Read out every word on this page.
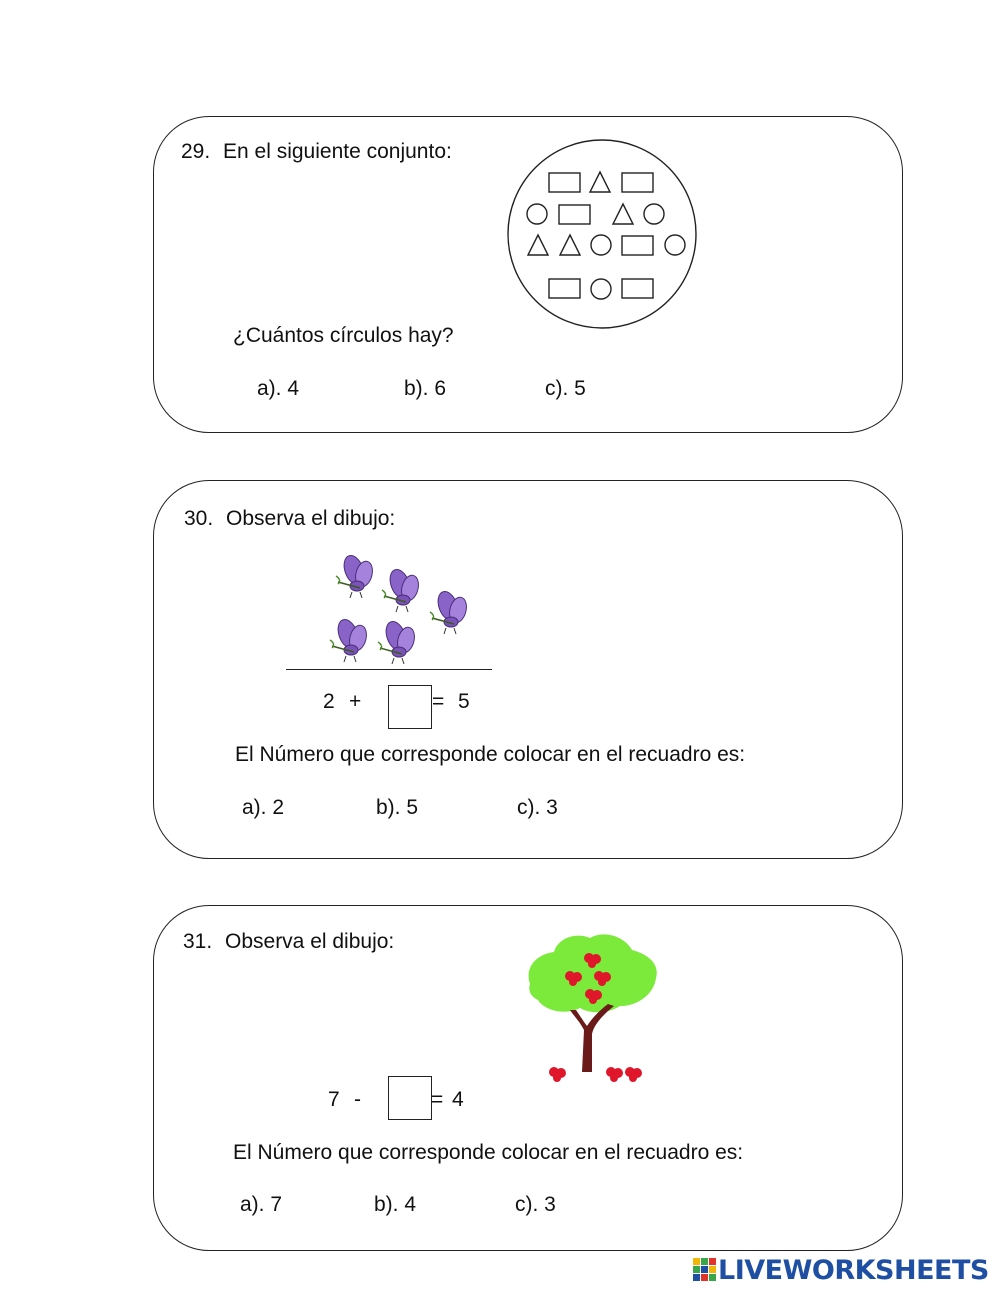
29. En el siguiente conjunto:
¿Cuántos círculos hay?
a). 4	b). 6	c). 5
30. Observa el dibujo:
2 +	= 5
El Número que corresponde colocar en el recuadro es:
a). 2	b). 5	c). 3
31. Observa el dibujo:
7 -	= 4
El Número que corresponde colocar en el recuadro es:
a). 7	b). 4	c). 3
LIVEWORKSHEETS
